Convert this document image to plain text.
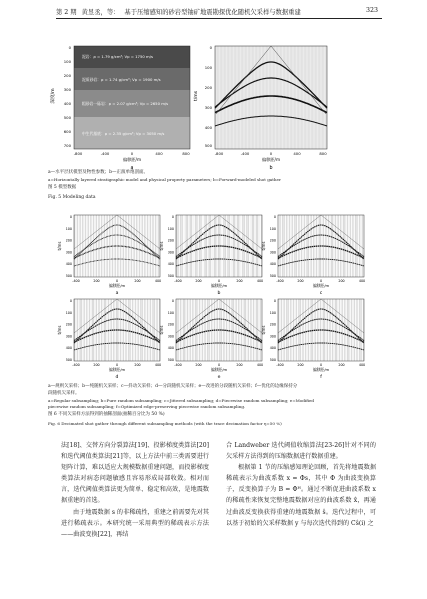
第 2 期 黄昱丞，等： 基于压缩感知的砂岩型铀矿地震勘探优化随机欠采样与数据重建	323
深度/m
0
100
200
300
400
500
600
700
泥岩：ρ = 1.79 g/cm³; Vp = 1750 m/s
泥质砂岩：ρ = 1.74 g/cm³; Vp = 1900 m/s
粗砂岩一砾岩：ρ = 2.07 g/cm³; Vp = 2650 m/s
中生代基底：ρ = 2.35 g/cm³; Vp = 3050 m/s
-800	-400	0	400	800
偏移距/m
a
t/ms
0
100
200
300
400
500
-800	-400	0	400	800
偏移距/m
b
a—水平层状模型及物性参数；b—正演单炮剖面。
a=Horizontally layered stratigraphic model and physical property parameters; b=Forward-modeled shot gather
图 5 模型数据
Fig. 5 Modeling data
t/ms
0
100
200
300
400
500
-400	200	0	200	400
偏移距/m
a
t/ms
0
100
200
300
400
500
-400	200	0	200	400
偏移距/m
b
t/ms
0
100
200
300
400
500
-400	200	0	200	400
偏移距/m
c
t/ms
0
100
200
300
400
500
-400	200	0	200	400
偏移距/m
d
t/ms
0
100
200
300
400
500
-400	200	0	200	400
偏移距/m
e
t/ms
0
100
200
300
400
500
-400	200	0	200	400
偏移距/m
f
a—规则欠采样；b—纯随机欠采样；c—抖动欠采样；d—分段随机欠采样；e—改进的分段随机欠采样；f—优化的边缘保持分
段随机欠采样。
a=Regular subsampling; b=Pure random subsampling; c=Jittered subsampling; d=Piecewise random subsampling; e=Modified
piecewise random subsampling; f=Optimized edge-preserving piecewise random subsampling.
图 6 不同欠采样方法得到的抽稀剖面(抽稀百分比为 50 %)
Fig. 6 Decimated shot gather through different subsampling methods (with the trace decimation factor η=50 %)

法[18]、交替方向分裂算法[19]、投影梯度类算法[20]和迭代阈值类算法[21]等，以上方法中前三类需要进行矩阵计算，难以适应大规模数据重建问题，而投影梯度类算法对病态问题敏感且容易形成局部收敛。相对而言，迭代阈值类算法更为简单、稳定和高效，是地震数据重建的首选。

由于地震数据 s 的非稀疏性，重建之前需要先对其进行稀疏表示。本研究统一采用典型的稀疏表示方法——曲波变换[22]，再结

合 Landweber 迭代阈值收缩算法[23-26]针对不同的欠采样方法得到的压缩数据进行数据重建。

根据第 1 节的压缩感知理论回顾，首先将地震数据稀疏表示为曲波系数 x = Φs，其中 Φ 为曲波变换算子，反变换算子为 B = Φᴴ。通过不断促进曲波系数 x 的稀疏性来恢复完整地震数据对应的曲波系数 x̂，再通过曲波反变换获得重建的地震数据 ŝ。迭代过程中，可以基于初始的欠采样数据 y 与每次迭代得到的 Cŝ(i) 之
